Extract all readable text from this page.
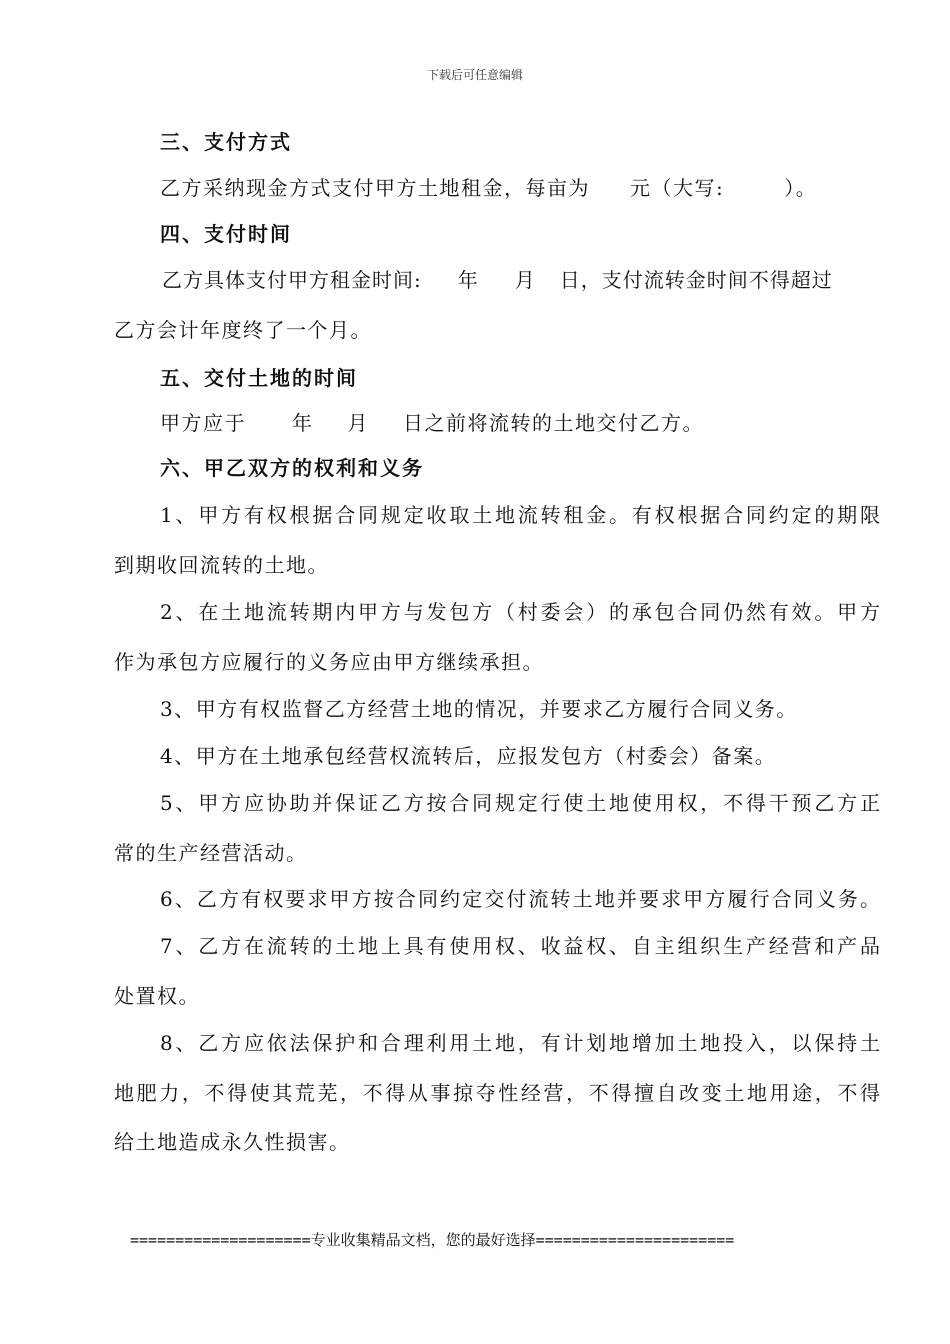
下载后可任意编辑
三、支付方式
乙方采纳现金方式支付甲方土地租金，每亩为 元（大写:	）。
四、支付时间
乙方具体支付甲方租金时间: 年 月 日，支付流转金时间不得超过
乙方会计年度终了一个月。
五、交付土地的时间
甲方应于 年 月 日之前将流转的土地交付乙方。
六、甲乙双方的权利和义务
1、甲方有权根据合同规定收取土地流转租金。有权根据合同约定的期限
到期收回流转的土地。
2、在土地流转期内甲方与发包方（村委会）的承包合同仍然有效。甲方
作为承包方应履行的义务应由甲方继续承担。
3、甲方有权监督乙方经营土地的情况，并要求乙方履行合同义务。
4、甲方在土地承包经营权流转后，应报发包方（村委会）备案。
5、甲方应协助并保证乙方按合同规定行使土地使用权，不得干预乙方正
常的生产经营活动。
6、乙方有权要求甲方按合同约定交付流转土地并要求甲方履行合同义务。
7、乙方在流转的土地上具有使用权、收益权、自主组织生产经营和产品
处置权。
8、乙方应依法保护和合理利用土地，有计划地增加土地投入，以保持土
地肥力，不得使其荒芜，不得从事掠夺性经营，不得擅自改变土地用途，不得
给土地造成永久性损害。
====================专业收集精品文档，您的最好选择======================
